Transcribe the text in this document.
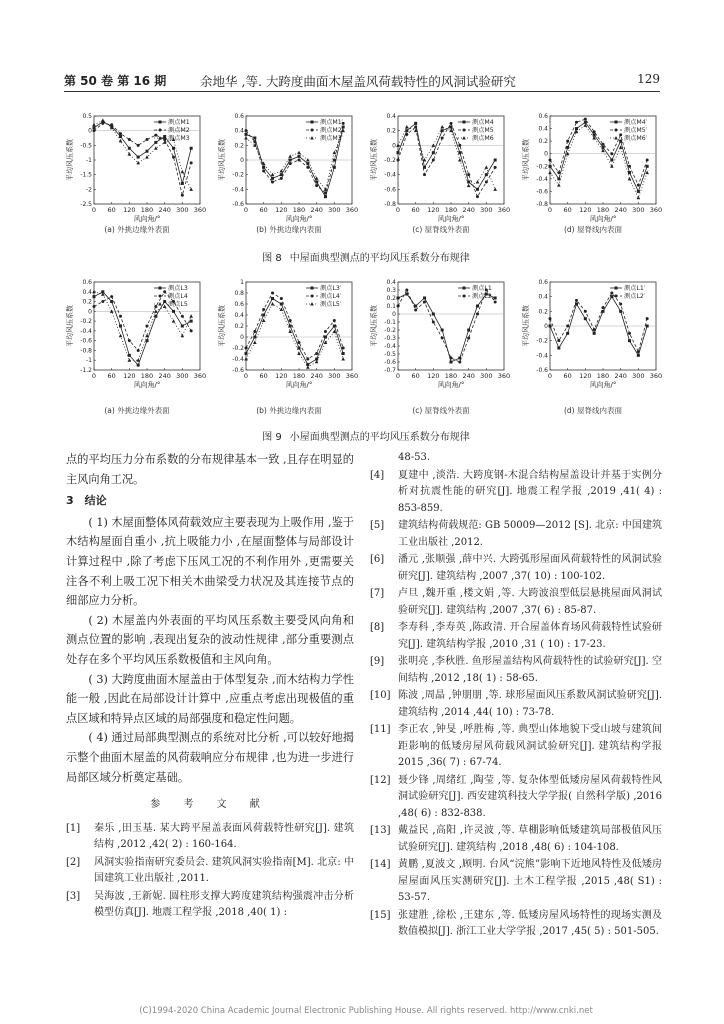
第 50 卷 第 16 期	余地华 ,等. 大跨度曲面木屋盖风荷载特性的风洞试验研究	129
0 60 120 180 240 300 360
0.5
0
-0.5
-1
-1.5
-2
-2.5
风向角/°
平均风压系数
测点M1
测点M2
测点M3
(a) 外挑边缘外表面
0 60 120 180 240 300 360
0.6
0.4
0.2
0
-0.2
-0.4
-0.6
风向角/°
平均风压系数
测点M1′
测点M2′
测点M3′
(b) 外挑边缘内表面
0 60 120 180 240 300 360
0.4
0.2
0
-0.2
-0.4
-0.6
-0.8
风向角/°
平均风压系数
测点M4
测点M5
测点M6
(c) 屋脊线外表面
0 60 120 180 240 300 360
0.6
0.4
0.2
0
-0.2
-0.4
-0.6
-0.8
风向角/°
平均风压系数
测点M4′
测点M5′
测点M6′
(d) 屋脊线内表面
图 8 中屋面典型测点的平均风压系数分布规律
0 60 120 180 240 300 360
0.6
0.4
0.2
0
-0.2
-0.4
-0.6
-0.8
-1
-1.2
风向角/°
平均风压系数
测点L3
测点L4
测点L5
(a) 外挑边缘外表面
0 60 120 180 240 300 360
1
0.8
0.6
0.4
0.2
0
-0.2
-0.4
-0.6
风向角/°
平均风压系数
测点L3′
测点L4′
测点L5′
(b) 外挑边缘内表面
0 60 120 180 240 300 360
0.4
0.3
0.2
0.1
0
-0.1
-0.2
-0.3
-0.4
-0.5
-0.6
-0.7
风向角/°
平均风压系数
测点L1
测点L2
(c) 屋脊线外表面
0 60 120 180 240 300 360
0.6
0.4
0.2
0
-0.2
-0.4
-0.6
风向角/°
平均风压系数
测点L1′
测点L2′
(d) 屋脊线内表面
图 9 小屋面典型测点的平均风压系数分布规律
点的平均压力分布系数的分布规律基本一致 ,且存在明显的主风向角工况。
3　结论
( 1) 木屋面整体风荷载效应主要表现为上吸作用 ,鉴于木结构屋面自重小 ,抗上吸能力小 ,在屋面整体与局部设计计算过程中 ,除了考虑下压风工况的不利作用外 ,更需要关注各不利上吸工况下相关木曲梁受力状况及其连接节点的细部应力分析。
( 2) 木屋盖内外表面的平均风压系数主要受风向角和测点位置的影响 ,表现出复杂的波动性规律 ,部分重要测点处存在多个平均风压系数极值和主风向角。
( 3) 大跨度曲面木屋盖由于体型复杂 ,而木结构力学性能一般 ,因此在局部设计计算中 ,应重点考虑出现极值的重点区域和特异点区域的局部强度和稳定性问题。
( 4) 通过局部典型测点的系统对比分析 ,可以较好地揭示整个曲面木屋盖的风荷载响应分布规律 ,也为进一步进行局部区域分析奠定基础。
参 考 文 献
[1]	秦乐 ,田玉基. 某大跨平屋盖表面风荷载特性研究[J]. 建筑结构 ,2012 ,42( 2) : 160-164.
[2]	风洞实验指南研究委员会. 建筑风洞实验指南[M]. 北京: 中国建筑工业出版社 ,2011.
[3]	吴海波 ,王新妮. 圆柱形支撑大跨度建筑结构强震冲击分析模型仿真[J]. 地震工程学报 ,2018 ,40( 1) :
48-53.
[4]	夏建中 ,淡浩. 大跨度钢-木混合结构屋盖设计并基于实例分析对抗震性能的研究[J]. 地震工程学报 ,2019 ,41( 4) : 853-859.
[5]	建筑结构荷载规范: GB 50009—2012 [S]. 北京: 中国建筑工业出版社 ,2012.
[6]	潘元 ,张顺强 ,薛中兴. 大跨弧形屋面风荷载特性的风洞试验研究[J]. 建筑结构 ,2007 ,37( 10) : 100-102.
[7]	卢旦 ,魏开重 ,楼文娟 ,等. 大跨波浪型低层悬挑屋面风洞试验研究[J]. 建筑结构 ,2007 ,37( 6) : 85-87.
[8]	李寿科 ,李寿英 ,陈政清. 开合屋盖体育场风荷载特性试验研究[J]. 建筑结构学报 ,2010 ,31 ( 10) : 17-23.
[9]	张明亮 ,李秋胜. 鱼形屋盖结构风荷载特性的试验研究[J]. 空间结构 ,2012 ,18( 1) : 58-65.
[10] 陈波 ,周晶 ,钟朋朋 ,等. 球形屋面风压系数风洞试验研究[J]. 建筑结构 ,2014 ,44( 10) : 73-78.
[11] 李正农 ,钟旻 ,呼胜梅 ,等. 典型山体地貌下受山坡与建筑间距影响的低矮房屋风荷载风洞试验研究[J]. 建筑结构学报 2015 ,36( 7) : 67-74.
[12] 聂少锋 ,周绪红 ,陶莹 ,等. 复杂体型低矮房屋风荷载特性风洞试验研究[J]. 西安建筑科技大学学报( 自然科学版) ,2016 ,48( 6) : 832-838.
[13] 戴益民 ,高阳 ,许灵波 ,等. 草棚影响低矮建筑局部极值风压试验研究[J]. 建筑结构 ,2018 ,48( 6) : 104-108.
[14] 黄鹏 ,夏波文 ,顾明. 台风“浣熊”影响下近地风特性及低矮房屋屋面风压实测研究[J]. 土木工程学报 ,2015 ,48( S1) : 53-57.
[15] 张建胜 ,徐松 ,王建东 ,等. 低矮房屋风场特性的现场实测及数值模拟[J]. 浙江工业大学学报 ,2017 ,45( 5) : 501-505.
(C)1994-2020 China Academic Journal Electronic Publishing House. All rights reserved. http://www.cnki.net
